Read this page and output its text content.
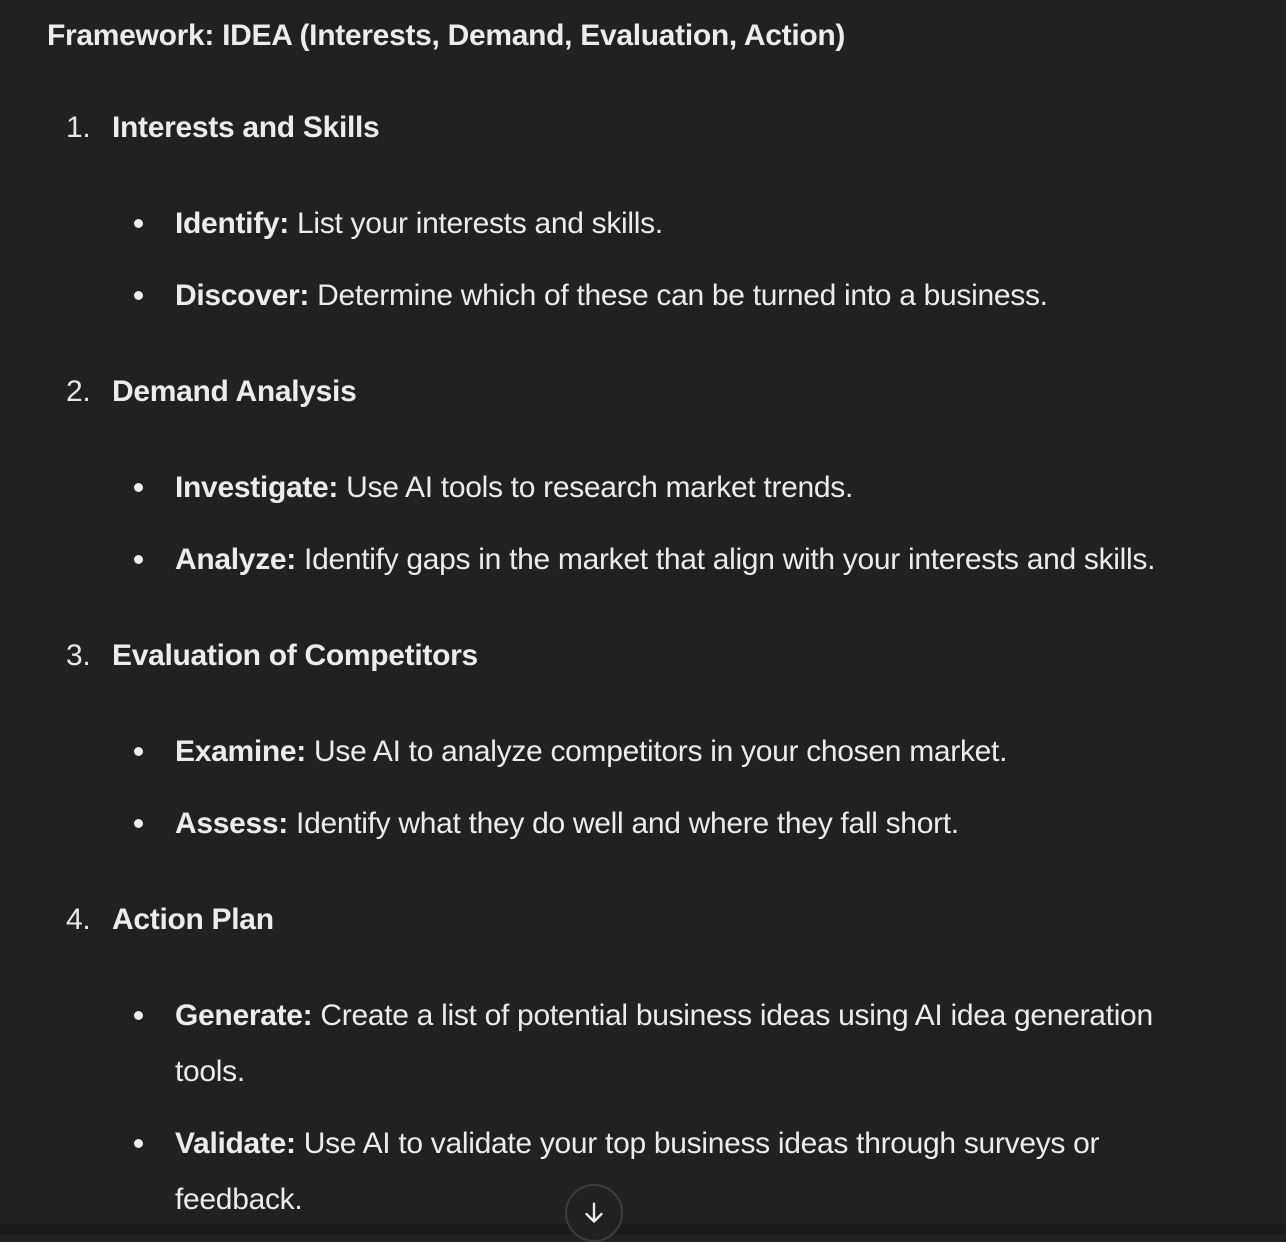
Framework: IDEA (Interests, Demand, Evaluation, Action)

1. Interests and Skills
Identify: List your interests and skills.
Discover: Determine which of these can be turned into a business.
2. Demand Analysis
Investigate: Use AI tools to research market trends.
Analyze: Identify gaps in the market that align with your interests and skills.
3. Evaluation of Competitors
Examine: Use AI to analyze competitors in your chosen market.
Assess: Identify what they do well and where they fall short.
4. Action Plan
Generate: Create a list of potential business ideas using AI idea generation
tools.
Validate: Use AI to validate your top business ideas through surveys or
feedback.
